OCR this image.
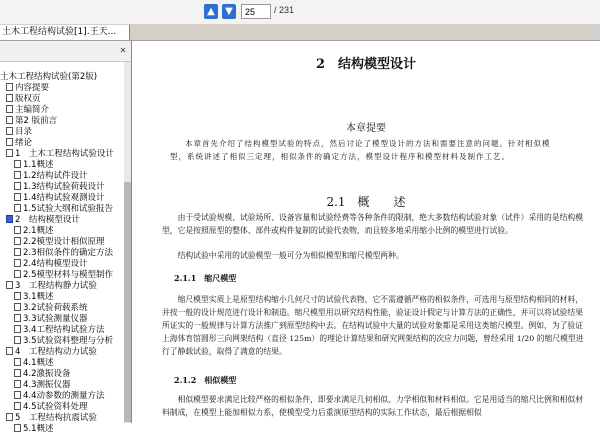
▲	▼	25	/ 231
土木工程结构试验[1].王天...
✕
土木工程结构试验(第2版)
内容提要
版权页
主编简介
第2 版前言
目录
绪论
1　土木工程结构试验设计
1.1概述
1.2结构试件设计
1.3结构试验荷载设计
1.4结构试验观测设计
1.5试验大纲和试验报告
2　结构模型设计
2.1概述
2.2模型设计相似原理
2.3相似条件的确定方法
2.4结构模型设计
2.5模型材料与模型制作
3　工程结构静力试验
3.1概述
3.2试验荷载系统
3.3试验测量仪器
3.4工程结构试验方法
3.5试验资料整理与分析
4　工程结构动力试验
4.1概述
4.2激振设备
4.3测振仪器
4.4动参数的测量方法
4.5试验资料处理
5　工程结构抗震试验
5.1概述
2　结构模型设计
本章提要
本章首先介绍了结构模型试验的特点，然后讨论了模型设计的方法和需要注意的问题。针对相似模型，系统讲述了相似三定理，相似条件的确定方法，模型设计程序和模型材料及制作工艺。
2.1　概　　述
由于受试验规模、试验场所、设备容量和试验经费等各种条件的限制，绝大多数结构试验对象（试件）采用的是结构模型，它是按照原型的整体、部件或构件复制的试验代表物，而且较多地采用缩小比例的模型进行试验。
结构试验中采用的试验模型一般可分为相似模型和缩尺模型两种。
2.1.1　缩尺模型
缩尺模型实质上是原型结构缩小几何尺寸的试验代表物，它不需遵循严格的相似条件，可选用与原型结构相同的材料，并按一般的设计规范进行设计和制造。缩尺模型用以研究结构性能，验证设计假定与计算方法的正确性，并可以将试验结果所证实的一般规律与计算方法推广到原型结构中去。在结构试验中大量的试验对象都是采用这类缩尺模型。例如，为了验证上海体育馆圆形三向网架结构（直径 125m）的理论计算结果和研究网架结构的次应力问题，曾经采用 1/20 的缩尺模型进行了静载试验，取得了满意的结果。
2.1.2　相似模型
相似模型要求满足比较严格的相似条件，即要求满足几何相似、力学相似和材料相似。它是用适当的缩尺比例和相似材料制成，在模型上能加相似力系，使模型受力后重演原型结构的实际工作状态，最后根据相似
